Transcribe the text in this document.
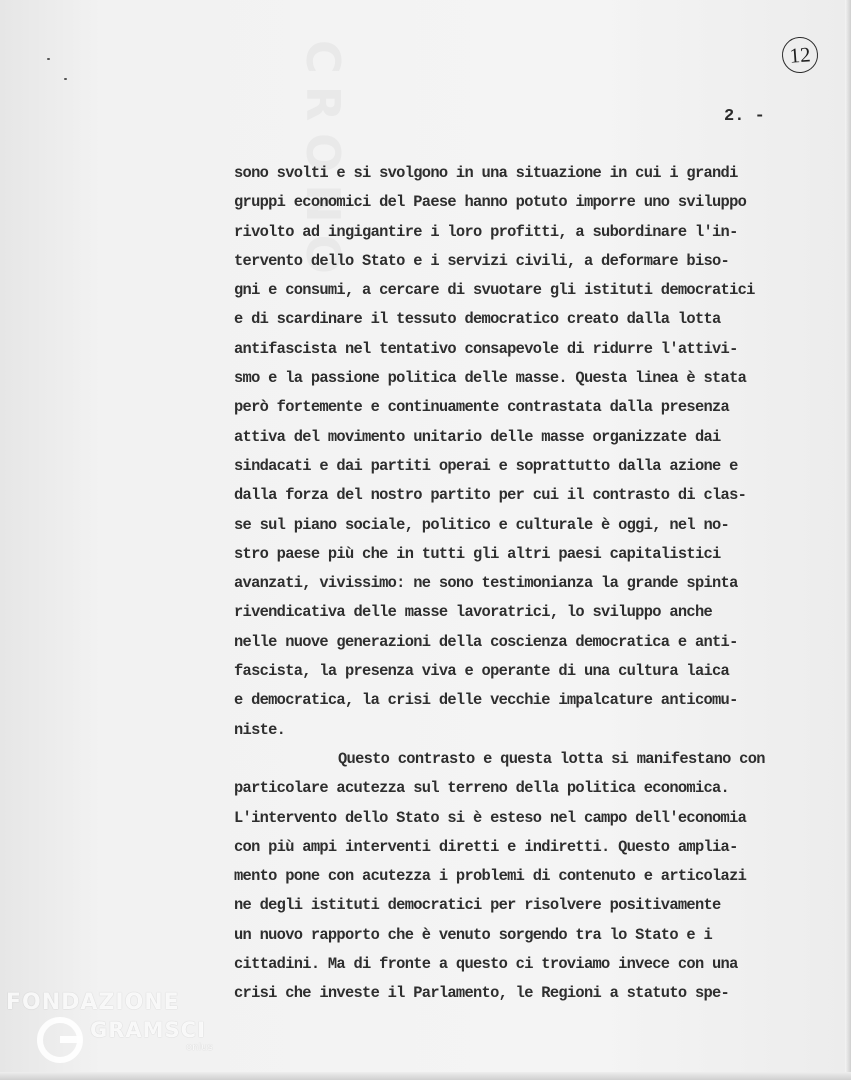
CRONO	12
2. -
sono svolti e si svolgono in una situazione in cui i grandi
gruppi economici del Paese hanno potuto imporre uno sviluppo
rivolto ad ingigantire i loro profitti, a subordinare l'in-
tervento dello Stato e i servizi civili, a deformare biso-
gni e consumi, a cercare di svuotare gli istituti democratici
e di scardinare il tessuto democratico creato dalla lotta
antifascista nel tentativo consapevole di ridurre l'attivi-
smo e la passione politica delle masse. Questa linea è stata
però fortemente e continuamente contrastata dalla presenza
attiva del movimento unitario delle masse organizzate dai
sindacati e dai partiti operai e soprattutto dalla azione e
dalla forza del nostro partito per cui il contrasto di clas-
se sul piano sociale, politico e culturale è oggi, nel no-
stro paese più che in tutti gli altri paesi capitalistici
avanzati, vivissimo: ne sono testimonianza la grande spinta
rivendicativa delle masse lavoratrici, lo sviluppo anche
nelle nuove generazioni della coscienza democratica e anti-
fascista, la presenza viva e operante di una cultura laica
e democratica, la crisi delle vecchie impalcature anticomu-
niste.
Questo contrasto e questa lotta si manifestano con
particolare acutezza sul terreno della politica economica.
L'intervento dello Stato si è esteso nel campo dell'economia
con più ampi interventi diretti e indiretti. Questo amplia-
mento pone con acutezza i problemi di contenuto e articolazi
ne degli istituti democratici per risolvere positivamente
un nuovo rapporto che è venuto sorgendo tra lo Stato e i
cittadini. Ma di fronte a questo ci troviamo invece con una
crisi che investe il Parlamento, le Regioni a statuto spe-
FONDAZIONE
GRAMSCI
onlus
